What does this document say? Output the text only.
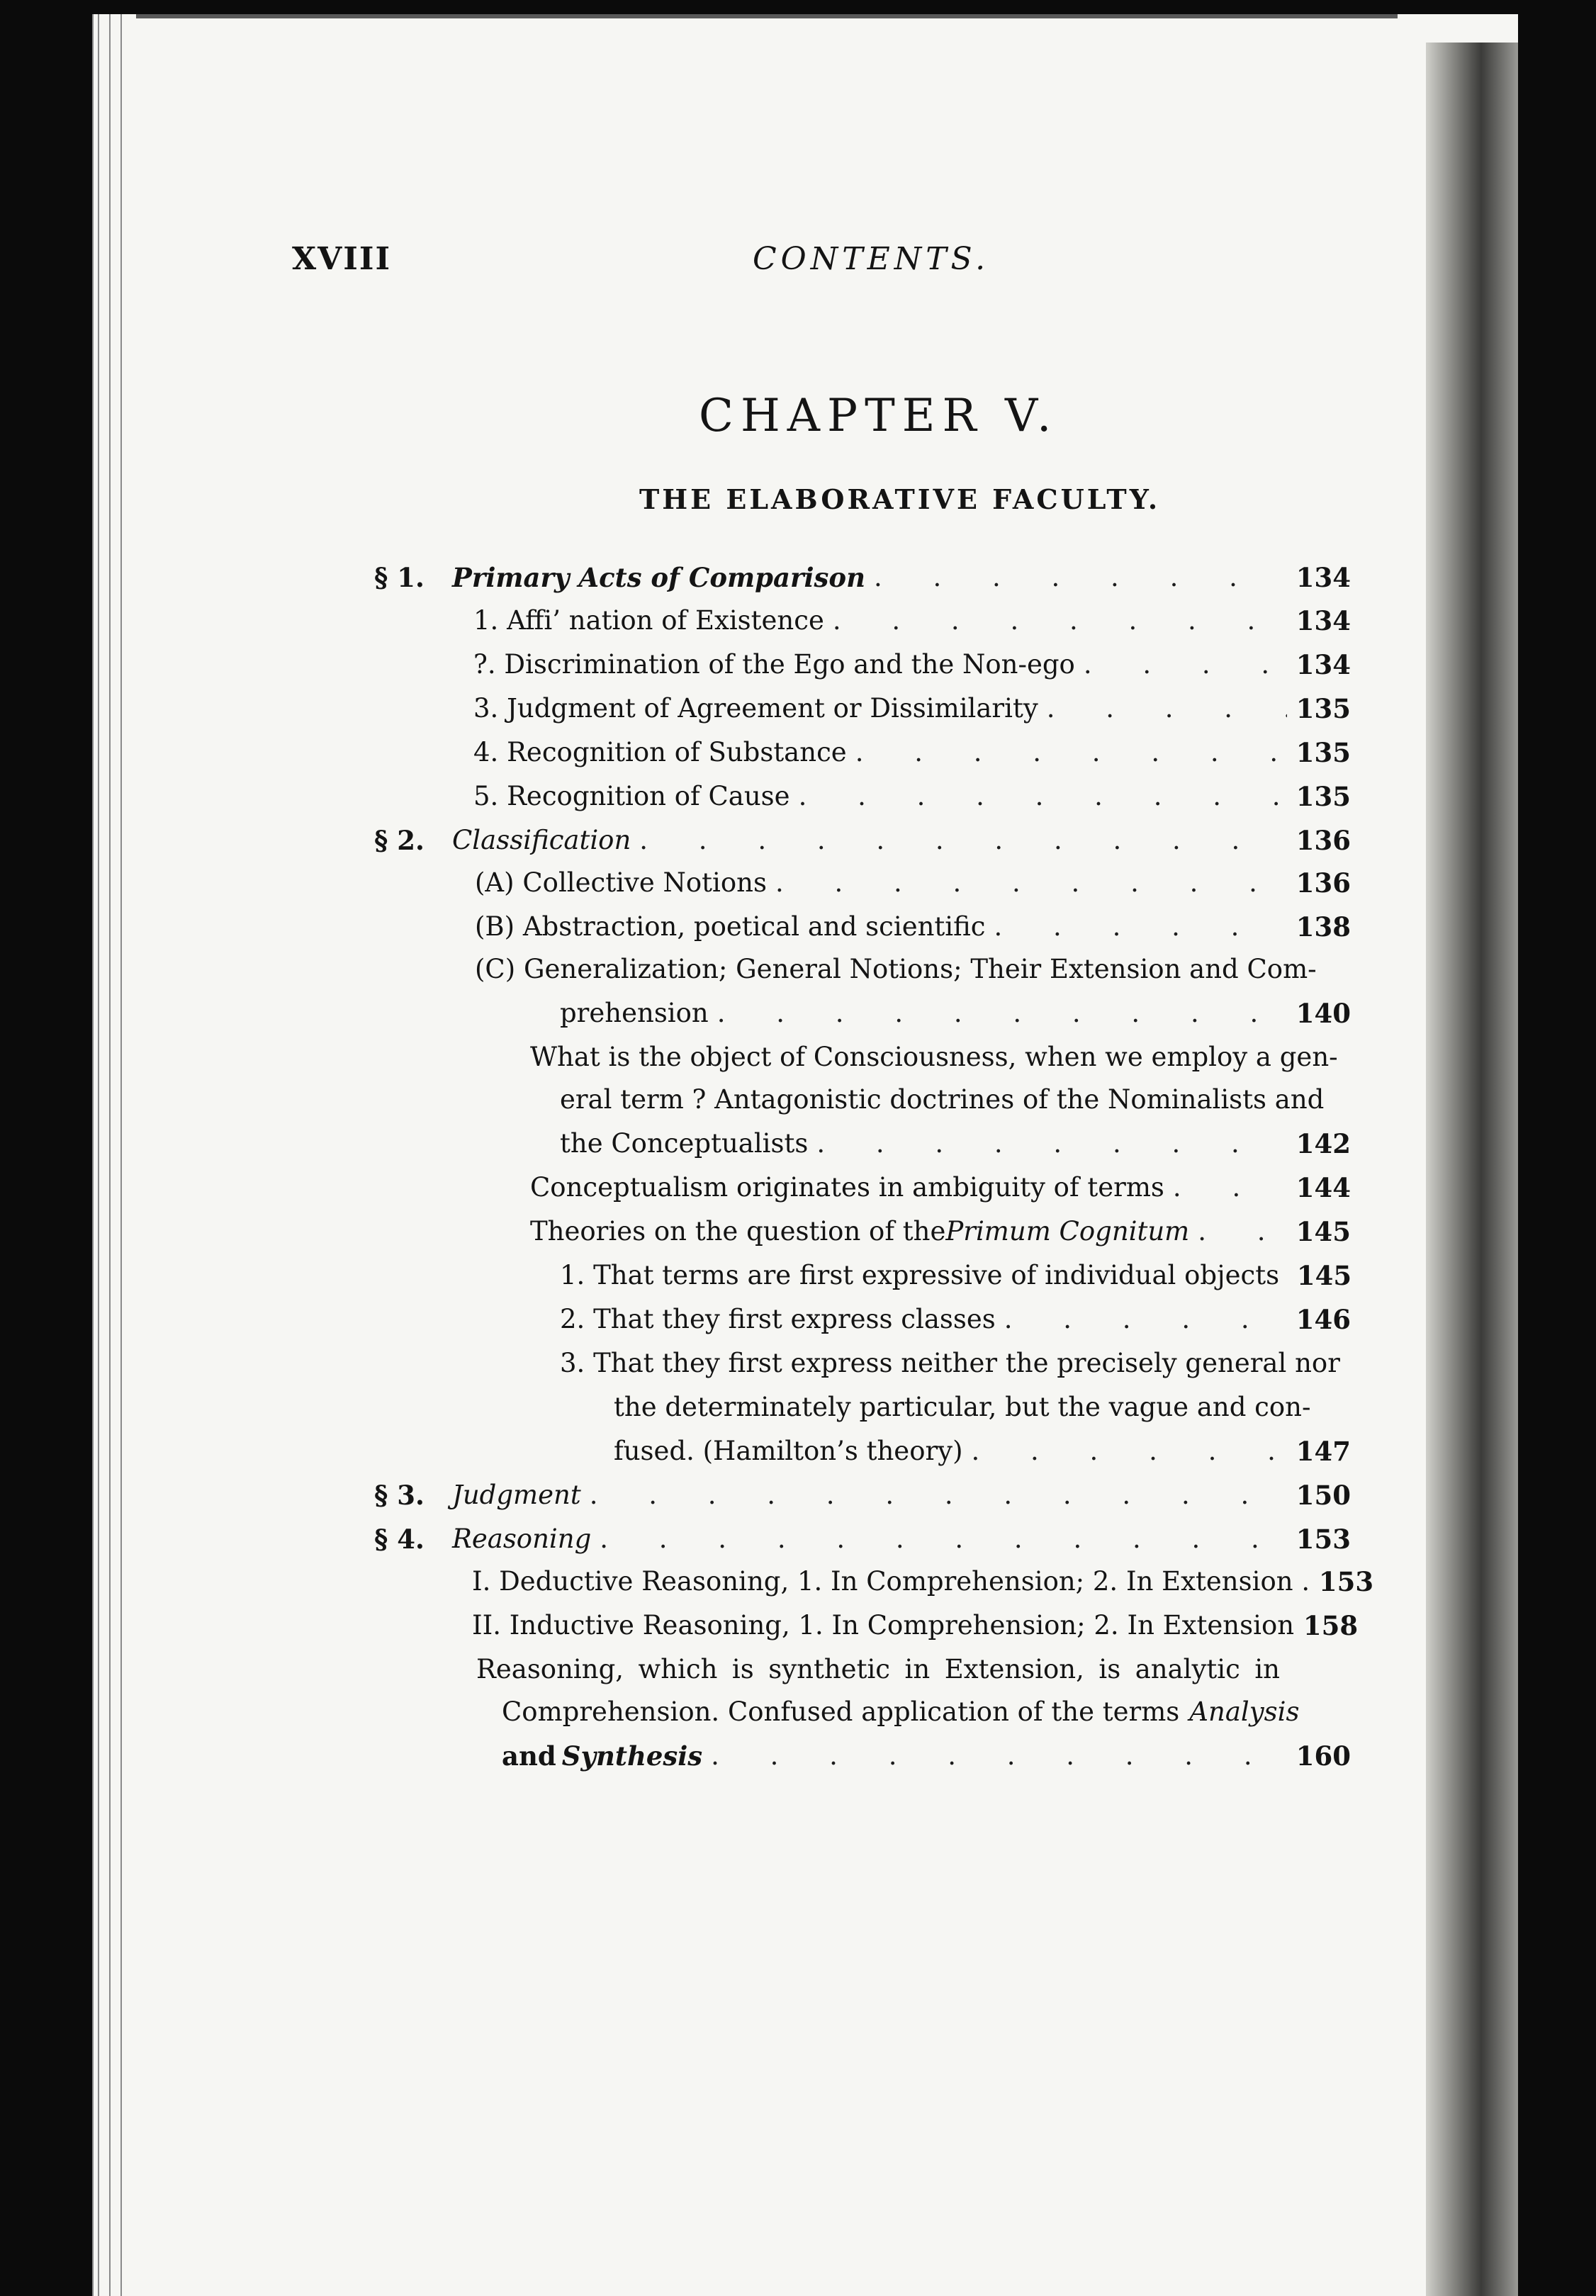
XVIII	CONTENTS.
CHAPTER V.
THE ELABORATIVE FACULTY.
§ 1.	Primary Acts of Comparison . . .	134
1. Affi’ nation of Existence . . .	134
?. Discrimination of the Ego and the Non-ego . . .	134
3. Judgment of Agreement or Dissimilarity . . .	135
4. Recognition of Substance . . .	135
5. Recognition of Cause . . .	135
§ 2.	Classification . . .	136
(A) Collective Notions . . .	136
(B) Abstraction, poetical and scientific . . .	138
(C) Generalization; General Notions; Their Extension and Com-
prehension . . .	140
What is the object of Consciousness, when we employ a gen-
eral term ? Antagonistic doctrines of the Nominalists and
the Conceptualists . . .	142
Conceptualism originates in ambiguity of terms . . .	144
Theories on the question of the Primum Cognitum . . .	145
1. That terms are first expressive of individual objects . . . 145
2. That they first express classes . . .	146
3. That they first express neither the precisely general nor
the determinately particular, but the vague and con-
fused. (Hamilton’s theory) . . .	147
§ 3.	Judgment . . .	150
§ 4.	Reasoning . . .	153
I. Deductive Reasoning, 1. In Comprehension; 2. In Extension . 153
II. Inductive Reasoning, 1. In Comprehension; 2. In Extension 158
Reasoning, which is synthetic in Extension, is analytic in
Comprehension. Confused application of the terms Analysis
and Synthesis . . .	160
